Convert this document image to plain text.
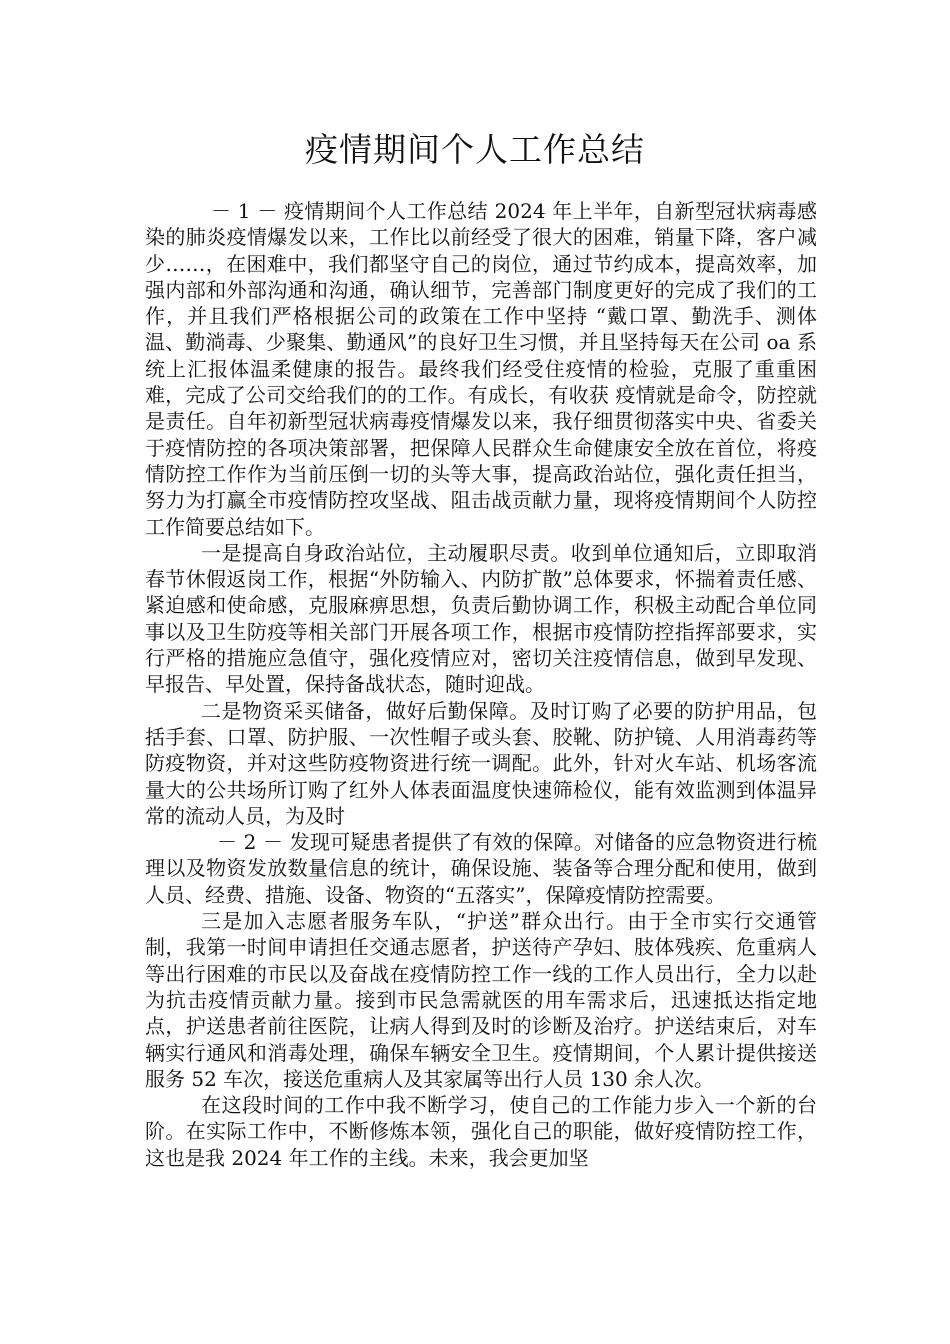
疫情期间个人工作总结

－ 1 － 疫情期间个人工作总结 2024 年上半年，自新型冠状病毒感染的肺炎疫情爆发以来，工作比以前经受了很大的困难，销量下降，客户减少……，在困难中，我们都坚守自己的岗位，通过节约成本，提高效率，加强内部和外部沟通和沟通，确认细节，完善部门制度更好的完成了我们的工作，并且我们严格根据公司的政策在工作中坚持 “戴口罩、勤洗手、测体温、勤淌毒、少聚集、勤通风”的良好卫生习惯，并且坚持每天在公司 oa 系统上汇报体温柔健康的报告。最终我们经受住疫情的检验，克服了重重困难，完成了公司交给我们的的工作。有成长，有收获 疫情就是命令，防控就是责任。自年初新型冠状病毒疫情爆发以来，我仔细贯彻落实中央、省委关于疫情防控的各项决策部署，把保障人民群众生命健康安全放在首位，将疫情防控工作作为当前压倒一切的头等大事，提高政治站位，强化责任担当，努力为打赢全市疫情防控攻坚战、阻击战贡献力量，现将疫情期间个人防控工作简要总结如下。

一是提高自身政治站位，主动履职尽责。收到单位通知后，立即取消春节休假返岗工作，根据“外防输入、内防扩散”总体要求，怀揣着责任感、紧迫感和使命感，克服麻痹思想，负责后勤协调工作，积极主动配合单位同事以及卫生防疫等相关部门开展各项工作，根据市疫情防控指挥部要求，实行严格的措施应急值守，强化疫情应对，密切关注疫情信息，做到早发现、早报告、早处置，保持备战状态，随时迎战。

二是物资采买储备，做好后勤保障。及时订购了必要的防护用品，包括手套、口罩、防护服、一次性帽子或头套、胶靴、防护镜、人用消毒药等防疫物资，并对这些防疫物资进行统一调配。此外，针对火车站、机场客流量大的公共场所订购了红外人体表面温度快速筛检仪，能有效监测到体温异常的流动人员，为及时

－ 2 － 发现可疑患者提供了有效的保障。对储备的应急物资进行梳理以及物资发放数量信息的统计，确保设施、装备等合理分配和使用，做到人员、经费、措施、设备、物资的“五落实”，保障疫情防控需要。

三是加入志愿者服务车队，“护送”群众出行。由于全市实行交通管制，我第一时间申请担任交通志愿者，护送待产孕妇、肢体残疾、危重病人等出行困难的市民以及奋战在疫情防控工作一线的工作人员出行，全力以赴为抗击疫情贡献力量。接到市民急需就医的用车需求后，迅速抵达指定地点，护送患者前往医院，让病人得到及时的诊断及治疗。护送结束后，对车辆实行通风和消毒处理，确保车辆安全卫生。疫情期间，个人累计提供接送服务 52 车次，接送危重病人及其家属等出行人员 130 余人次。

在这段时间的工作中我不断学习，使自己的工作能力步入一个新的台阶。在实际工作中，不断修炼本领，强化自己的职能，做好疫情防控工作，这也是我 2024 年工作的主线。未来，我会更加坚
